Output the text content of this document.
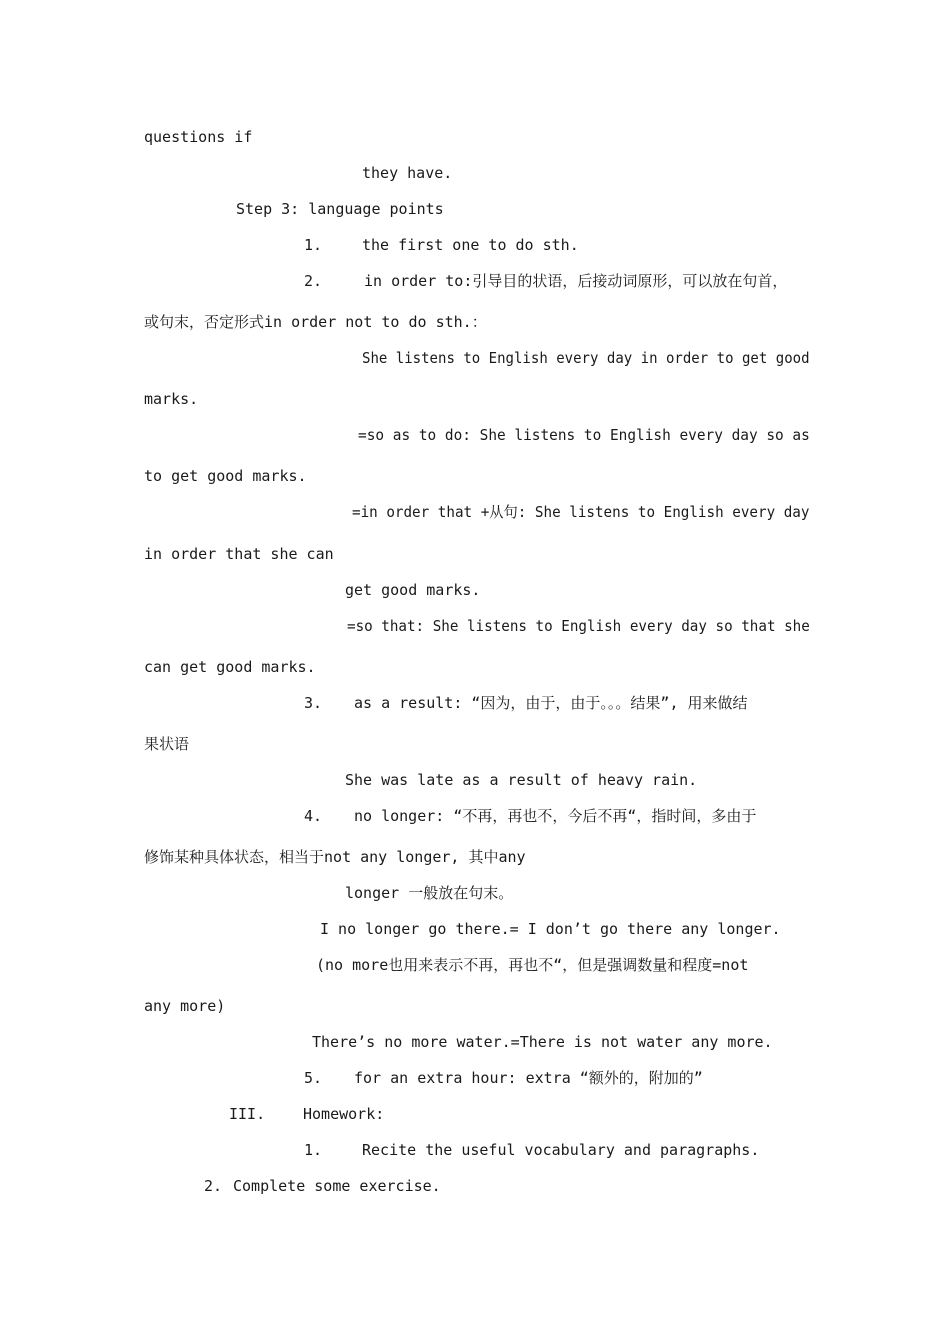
questions if
they have.
Step 3: language points
1.	the first one to do sth.
2.	in order to:引导目的状语，后接动词原形，可以放在句首，
或句末，否定形式in order not to do sth.：
She listens to English every day in order to get good
marks.
=so as to do: She listens to English every day so as
to get good marks.
=in order that +从句: She listens to English every day
in order that she can
get good marks.
=so that: She listens to English every day so that she
can get good marks.
3. as a result: “因为，由于，由于。。。结果”, 用来做结
果状语
She was late as a result of heavy rain.
4. no longer: “不再，再也不，今后不再“，指时间，多由于
修饰某种具体状态，相当于not any longer, 其中any
longer 一般放在句末。
I no longer go there.= I don’t go there any longer.
(no more也用来表示不再，再也不“，但是强调数量和程度=not
any more)
There’s no more water.=There is not water any more.
5. for an extra hour: extra “额外的，附加的”
III.	Homework:
1.	Recite the useful vocabulary and paragraphs.
2. Complete some exercise.
